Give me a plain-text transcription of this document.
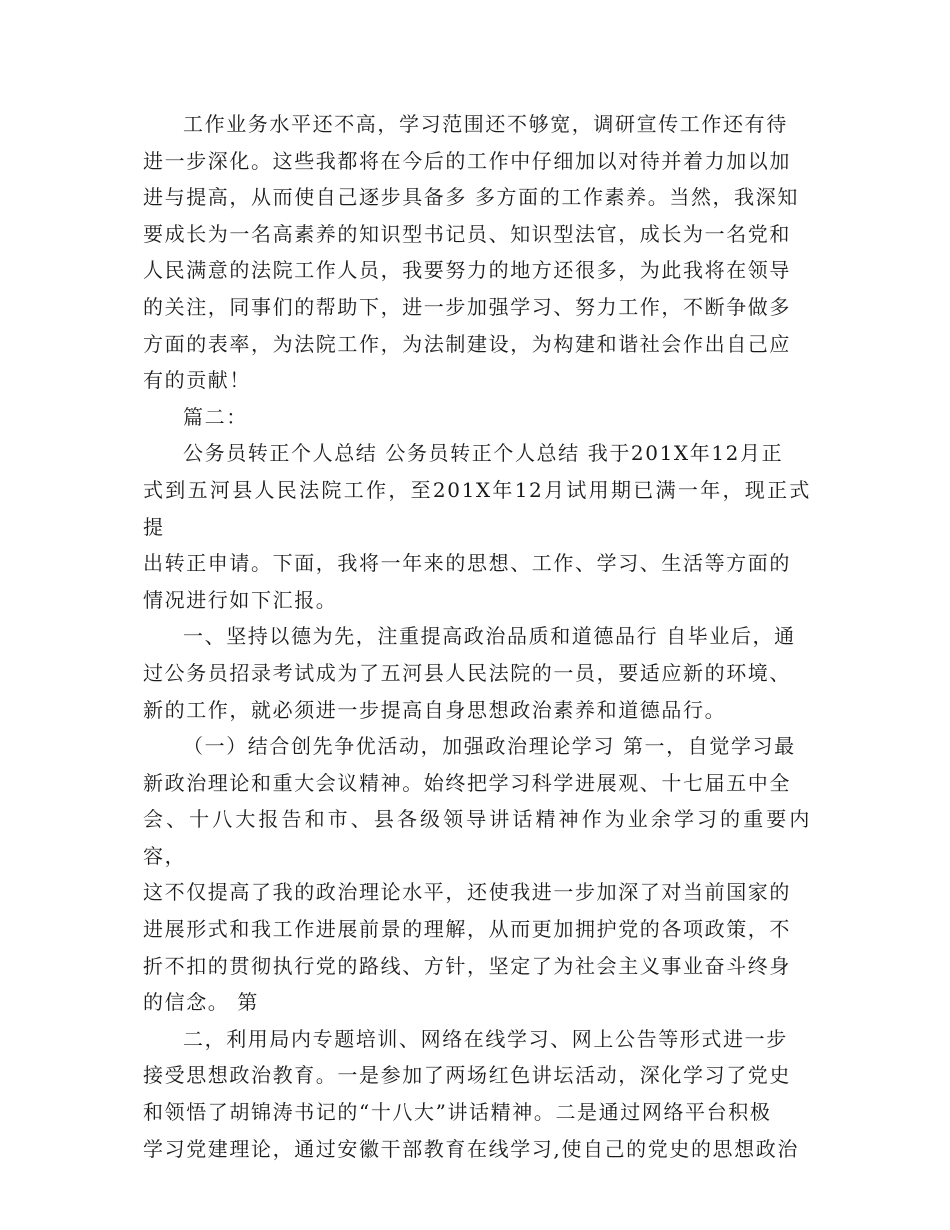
工作业务水平还不高，学习范围还不够宽，调研宣传工作还有待
进一步深化。这些我都将在今后的工作中仔细加以对待并着力加以加
进与提高，从而使自己逐步具备多 多方面的工作素养。当然，我深知
要成长为一名高素养的知识型书记员、知识型法官，成长为一名党和
人民满意的法院工作人员，我要努力的地方还很多，为此我将在领导
的关注，同事们的帮助下，进一步加强学习、努力工作，不断争做多
方面的表率，为法院工作，为法制建设，为构建和谐社会作出自己应
有的贡献！

篇二：

公务员转正个人总结 公务员转正个人总结 我于201X年12月正
式到五河县人民法院工作，至201X年12月试用期已满一年，现正式提
出转正申请。下面，我将一年来的思想、工作、学习、生活等方面的
情况进行如下汇报。

一、坚持以德为先，注重提高政治品质和道德品行 自毕业后，通
过公务员招录考试成为了五河县人民法院的一员，要适应新的环境、
新的工作，就必须进一步提高自身思想政治素养和道德品行。

（一）结合创先争优活动，加强政治理论学习 第一，自觉学习最
新政治理论和重大会议精神。始终把学习科学进展观、十七届五中全
会、十八大报告和市、县各级领导讲话精神作为业余学习的重要内容，
这不仅提高了我的政治理论水平，还使我进一步加深了对当前国家的
进展形式和我工作进展前景的理解，从而更加拥护党的各项政策，不
折不扣的贯彻执行党的路线、方针，坚定了为社会主义事业奋斗终身
的信念。 第

二，利用局内专题培训、网络在线学习、网上公告等形式进一步
接受思想政治教育。一是参加了两场红色讲坛活动，深化学习了党史
和领悟了胡锦涛书记的“十八大”讲话精神。二是通过网络平台积极
学习党建理论，通过安徽干部教育在线学习,使自己的党史的思想政治
